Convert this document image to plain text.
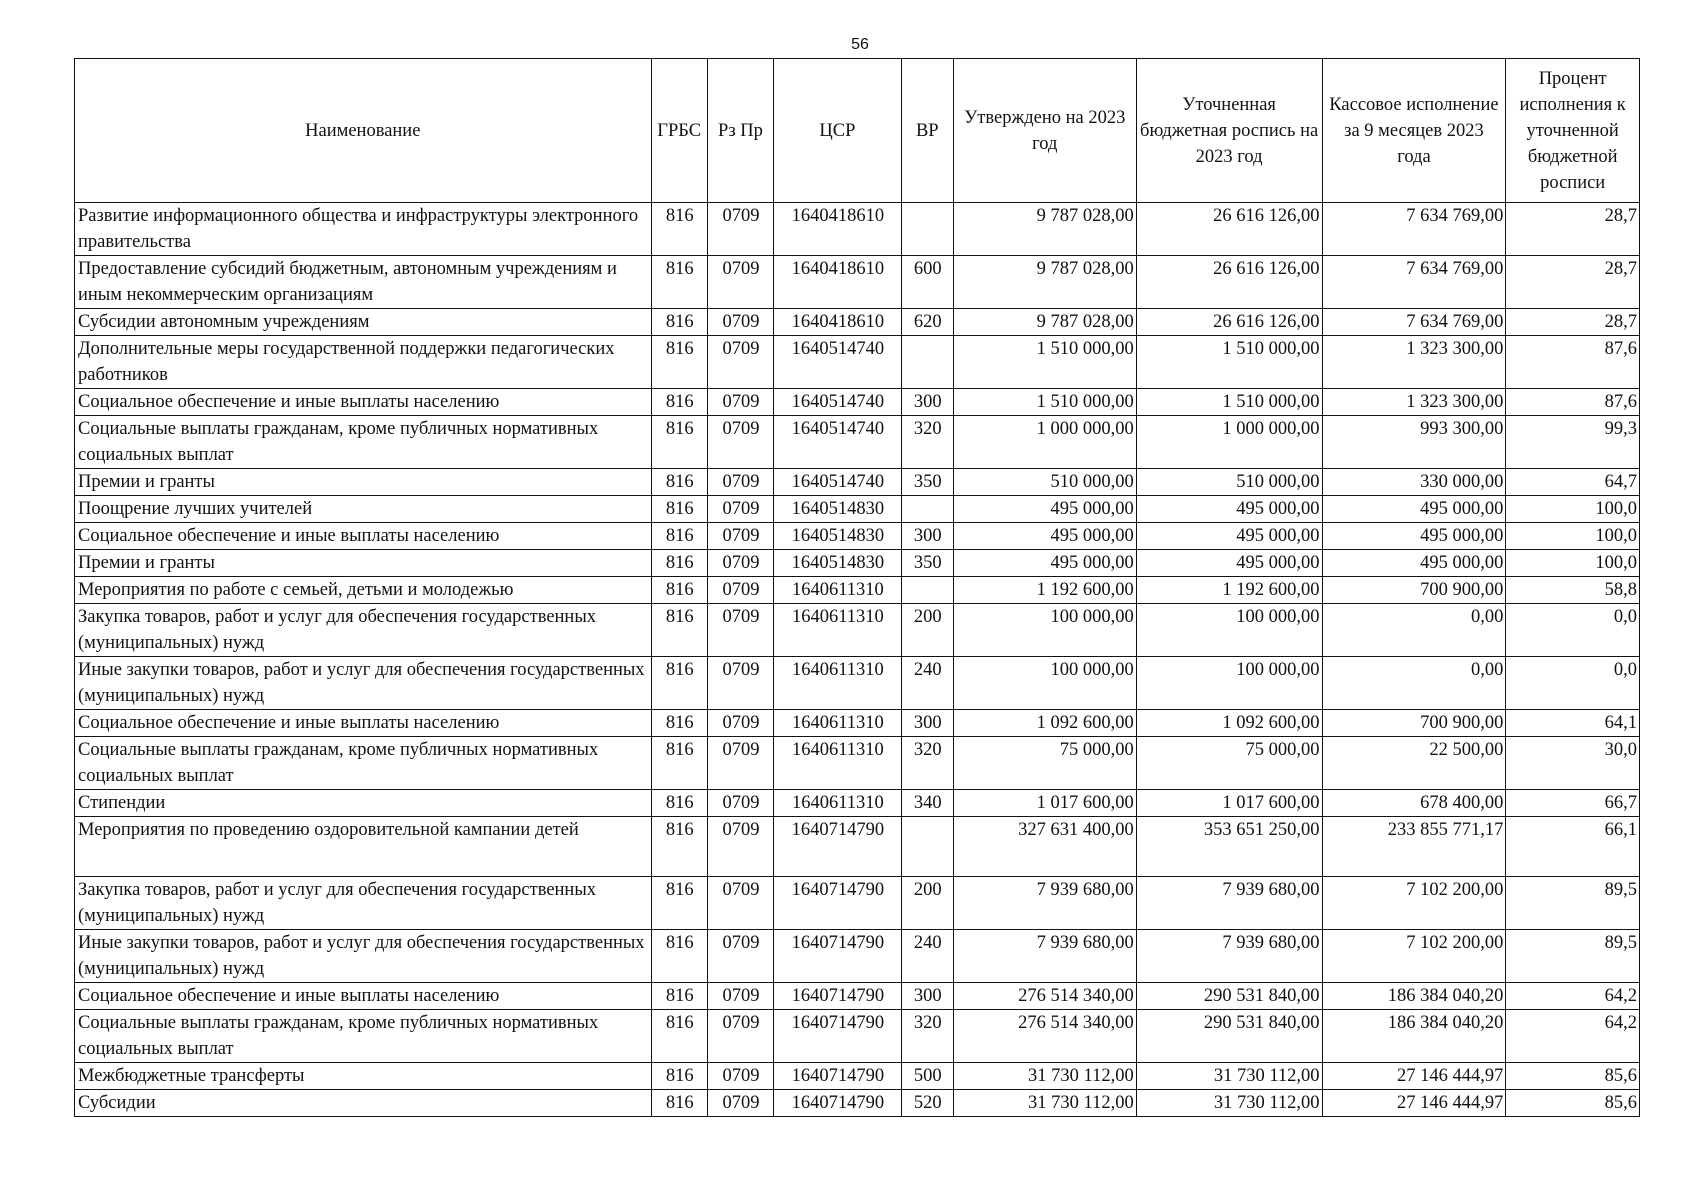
56
Наименование	ГРБС	Рз Пр	ЦСР	ВР	Утверждено на 2023 год	Уточненная бюджетная роспись на 2023 год	Кассовое исполнение за 9 месяцев 2023 года	Процент исполнения к уточненной бюджетной росписи
Развитие информационного общества и инфраструктуры электронного правительства	816	0709	1640418610		9 787 028,00	26 616 126,00	7 634 769,00	28,7
Предоставление субсидий бюджетным, автономным учреждениям и иным некоммерческим организациям	816	0709	1640418610	600	9 787 028,00	26 616 126,00	7 634 769,00	28,7
Субсидии автономным учреждениям	816	0709	1640418610	620	9 787 028,00	26 616 126,00	7 634 769,00	28,7
Дополнительные меры государственной поддержки педагогических работников	816	0709	1640514740		1 510 000,00	1 510 000,00	1 323 300,00	87,6
Социальное обеспечение и иные выплаты населению	816	0709	1640514740	300	1 510 000,00	1 510 000,00	1 323 300,00	87,6
Социальные выплаты гражданам, кроме публичных нормативных социальных выплат	816	0709	1640514740	320	1 000 000,00	1 000 000,00	993 300,00	99,3
Премии и гранты	816	0709	1640514740	350	510 000,00	510 000,00	330 000,00	64,7
Поощрение лучших учителей	816	0709	1640514830		495 000,00	495 000,00	495 000,00	100,0
Социальное обеспечение и иные выплаты населению	816	0709	1640514830	300	495 000,00	495 000,00	495 000,00	100,0
Премии и гранты	816	0709	1640514830	350	495 000,00	495 000,00	495 000,00	100,0
Мероприятия по работе с семьей, детьми и молодежью	816	0709	1640611310		1 192 600,00	1 192 600,00	700 900,00	58,8
Закупка товаров, работ и услуг для обеспечения государственных (муниципальных) нужд	816	0709	1640611310	200	100 000,00	100 000,00	0,00	0,0
Иные закупки товаров, работ и услуг для обеспечения государственных (муниципальных) нужд	816	0709	1640611310	240	100 000,00	100 000,00	0,00	0,0
Социальное обеспечение и иные выплаты населению	816	0709	1640611310	300	1 092 600,00	1 092 600,00	700 900,00	64,1
Социальные выплаты гражданам, кроме публичных нормативных социальных выплат	816	0709	1640611310	320	75 000,00	75 000,00	22 500,00	30,0
Стипендии	816	0709	1640611310	340	1 017 600,00	1 017 600,00	678 400,00	66,7
Мероприятия по проведению оздоровительной кампании детей	816	0709	1640714790		327 631 400,00	353 651 250,00	233 855 771,17	66,1
Закупка товаров, работ и услуг для обеспечения государственных (муниципальных) нужд	816	0709	1640714790	200	7 939 680,00	7 939 680,00	7 102 200,00	89,5
Иные закупки товаров, работ и услуг для обеспечения государственных (муниципальных) нужд	816	0709	1640714790	240	7 939 680,00	7 939 680,00	7 102 200,00	89,5
Социальное обеспечение и иные выплаты населению	816	0709	1640714790	300	276 514 340,00	290 531 840,00	186 384 040,20	64,2
Социальные выплаты гражданам, кроме публичных нормативных социальных выплат	816	0709	1640714790	320	276 514 340,00	290 531 840,00	186 384 040,20	64,2
Межбюджетные трансферты	816	0709	1640714790	500	31 730 112,00	31 730 112,00	27 146 444,97	85,6
Субсидии	816	0709	1640714790	520	31 730 112,00	31 730 112,00	27 146 444,97	85,6
